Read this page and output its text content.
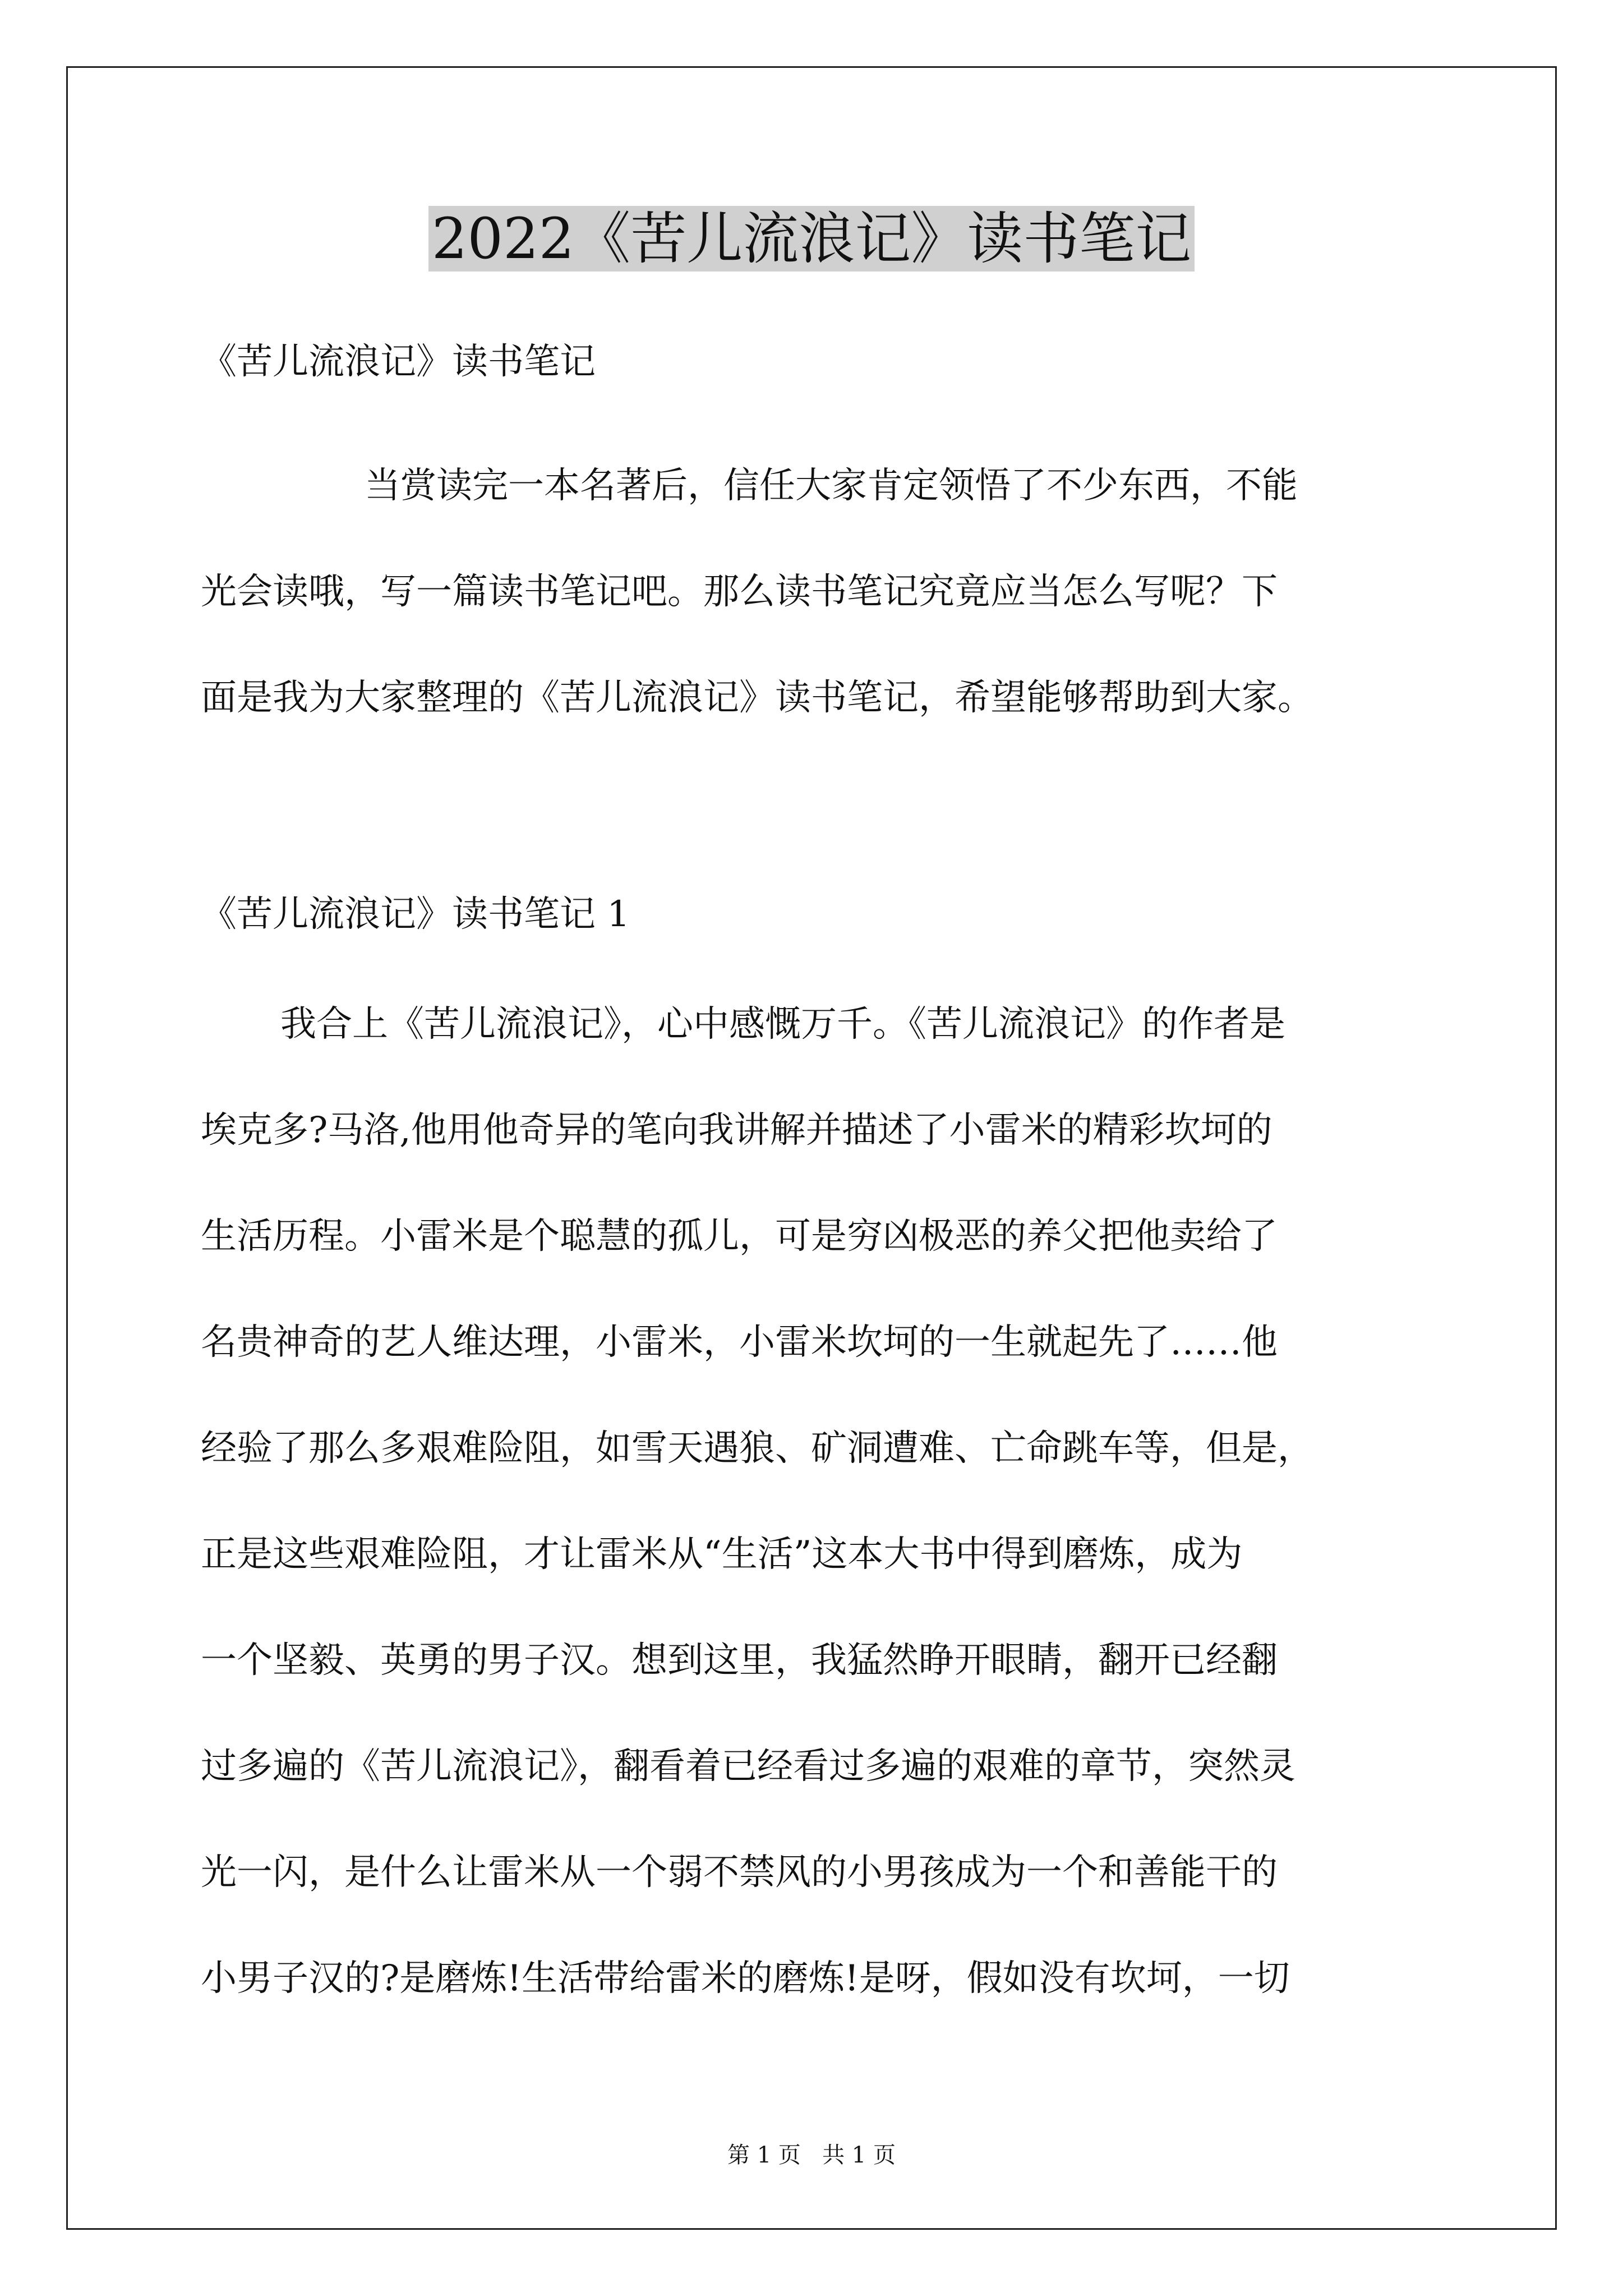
2022《苦儿流浪记》读书笔记
《苦儿流浪记》读书笔记
当赏读完一本名著后，信任大家肯定领悟了不少东西，不能
光会读哦，写一篇读书笔记吧。那么读书笔记究竟应当怎么写呢？下
面是我为大家整理的《苦儿流浪记》读书笔记，希望能够帮助到大家。
《苦儿流浪记》读书笔记 1
我合上《苦儿流浪记》，心中感慨万千。《苦儿流浪记》的作者是
埃克多?马洛,他用他奇异的笔向我讲解并描述了小雷米的精彩坎坷的
生活历程。小雷米是个聪慧的孤儿，可是穷凶极恶的养父把他卖给了
名贵神奇的艺人维达理，小雷米，小雷米坎坷的一生就起先了……他
经验了那么多艰难险阻，如雪天遇狼、矿洞遭难、亡命跳车等，但是，
正是这些艰难险阻，才让雷米从“生活”这本大书中得到磨炼，成为
一个坚毅、英勇的男子汉。想到这里，我猛然睁开眼睛，翻开已经翻
过多遍的《苦儿流浪记》，翻看着已经看过多遍的艰难的章节，突然灵
光一闪，是什么让雷米从一个弱不禁风的小男孩成为一个和善能干的
小男子汉的?是磨炼!生活带给雷米的磨炼!是呀，假如没有坎坷，一切
第 1 页   共 1 页
